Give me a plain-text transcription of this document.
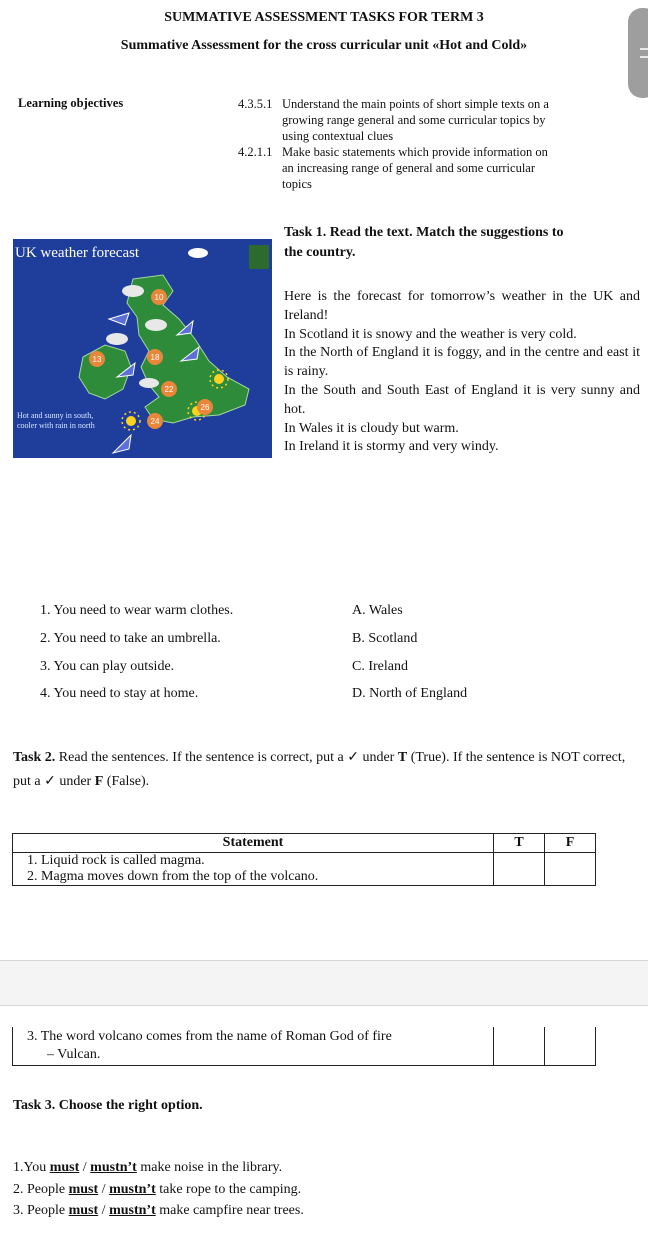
SUMMATIVE ASSESSMENT TASKS FOR TERM 3
Summative Assessment for the cross curricular unit «Hot and Cold»
Learning objectives	4.3.5.1 Understand the main points of short simple texts on a
growing range general and some curricular topics by
using contextual clues
4.2.1.1 Make basic statements which provide information on
an increasing range of general and some curricular
topics
10
13	18
22
26
24
UK weather forecast
Hot and sunny in south,
cooler with rain in north
Task 1. Read the text. Match the suggestions to
the country.

Here is the forecast for tomorrow’s weather in the UK and Ireland!

In Scotland it is snowy and the weather is very cold.

In the North of England it is foggy, and in the centre and east it is rainy.

In the South and South East of England it is very sunny and hot.

In Wales it is cloudy but warm.

In Ireland it is stormy and very windy.

1. You need to wear warm clothes.
2. You need to take an umbrella.
3. You can play outside.
4. You need to stay at home.
A. Wales
B. Scotland
C. Ireland
D. North of England
Task 2. Read the sentences. If the sentence is correct, put a ✓ under T (True). If the sentence is NOT correct, put a ✓ under F (False).
Statement	T	F
1. Liquid rock is called magma.		
2. Magma moves down from the top of the volcano.		
3. The word volcano comes from the name of Roman God of fire
– Vulcan.

Task 3. Choose the right option.
1.You must / mustn’t make noise in the library.
2. People must / mustn’t take rope to the camping.
3. People must / mustn’t make campfire near trees.
